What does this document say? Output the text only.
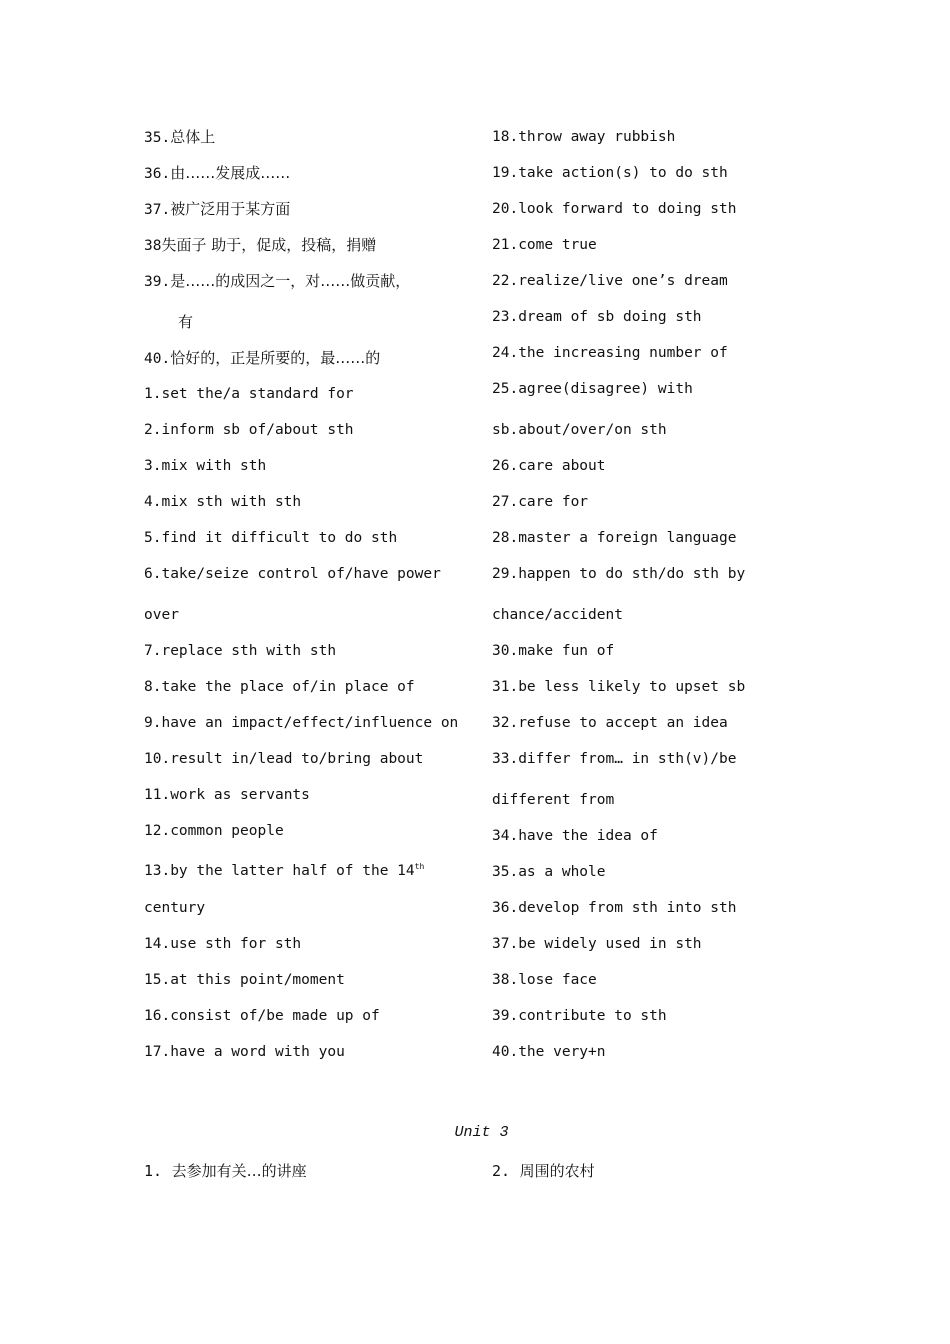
35.总体上
36.由……发展成……
37.被广泛用于某方面
38失面子 助于，促成，投稿，捐赠
39.是……的成因之一，对……做贡献，
有
40.恰好的，正是所要的，最……的
1.set the/a standard for
2.inform sb of/about sth
3.mix with sth
4.mix sth with sth
5.find it difficult to do sth
6.take/seize control of/have power
over
7.replace sth with sth
8.take the place of/in place of
9.have an impact/effect/influence on
10.result in/lead to/bring about
11.work as servants
12.common people
13.by the latter half of the 14th
century
14.use sth for sth
15.at this point/moment
16.consist of/be made up of
17.have a word with you
18.throw away rubbish
19.take action(s) to do sth
20.look forward to doing sth
21.come true
22.realize/live one’s dream
23.dream of sb doing sth
24.the increasing number of
25.agree(disagree) with
sb.about/over/on sth
26.care about
27.care for
28.master a foreign language
29.happen to do sth/do sth by
chance/accident
30.make fun of
31.be less likely to upset sb
32.refuse to accept an idea
33.differ from… in sth(v)/be
different from
34.have the idea of
35.as a whole
36.develop from sth into sth
37.be widely used in sth
38.lose face
39.contribute to sth
40.the very+n
Unit 3
1. 去参加有关…的讲座	2. 周围的农村
